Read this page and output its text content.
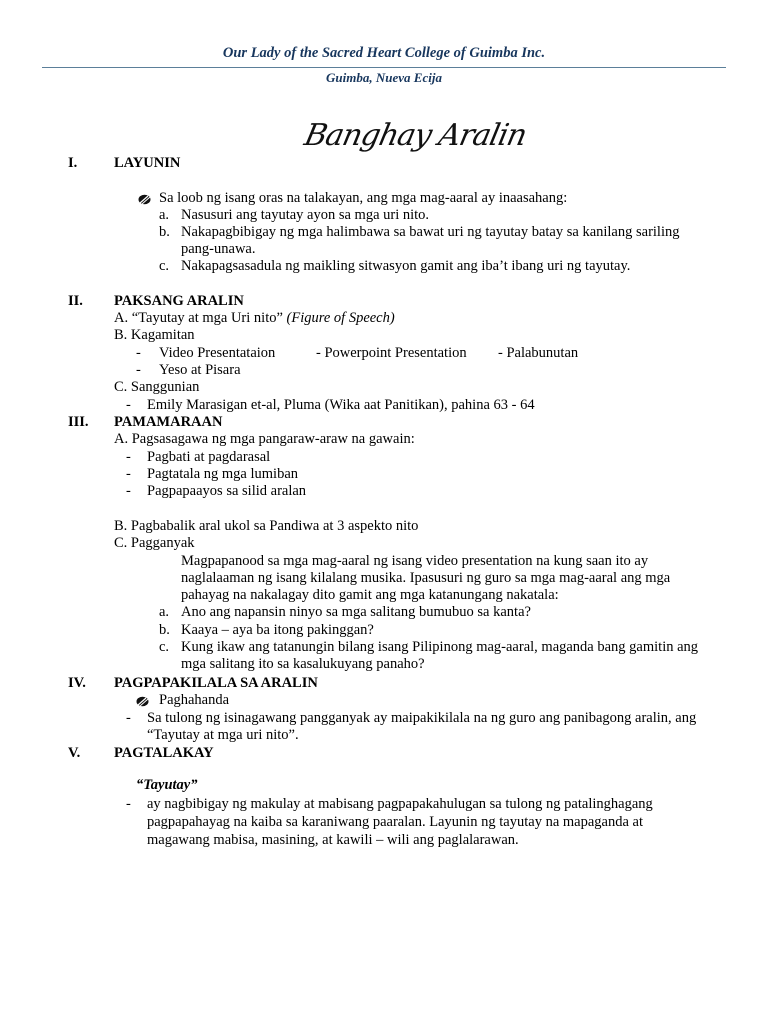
Our Lady of the Sacred Heart College of Guimba Inc.
Guimba, Nueva Ecija
Banghay Aralin
I.	LAYUNIN
Sa loob ng isang oras na talakayan, ang mga mag-aaral ay inaasahang:
a. Nasusuri ang tayutay ayon sa mga uri nito.
b. Nakapagbibigay ng mga halimbawa sa bawat uri ng tayutay batay sa kanilang sariling
pang-unawa.
c. Nakapagsasadula ng maikling sitwasyon gamit ang iba’t ibang uri ng tayutay.
II. PAKSANG ARALIN
A. “Tayutay at mga Uri nito” (Figure of Speech)
B. Kagamitan
- Video Presentataion	- Powerpoint Presentation - Palabunutan
- Yeso at Pisara
C. Sanggunian
- Emily Marasigan et-al, Pluma (Wika aat Panitikan), pahina 63 - 64
III. PAMAMARAAN
A. Pagsasagawa ng mga pangaraw-araw na gawain:
- Pagbati at pagdarasal
- Pagtatala ng mga lumiban
- Pagpapaayos sa silid aralan
B. Pagbabalik aral ukol sa Pandiwa at 3 aspekto nito
C. Pagganyak
Magpapanood sa mga mag-aaral ng isang video presentation na kung saan ito ay
naglalaaman ng isang kilalang musika. Ipasusuri ng guro sa mga mag-aaral ang mga
pahayag na nakalagay dito gamit ang mga katanungang nakatala:
a. Ano ang napansin ninyo sa mga salitang bumubuo sa kanta?
b. Kaaya – aya ba itong pakinggan?
c. Kung ikaw ang tatanungin bilang isang Pilipinong mag-aaral, maganda bang gamitin ang
mga salitang ito sa kasalukuyang panaho?
IV. PAGPAPAKILALA SA ARALIN
Paghahanda
- Sa tulong ng isinagawang pangganyak ay maipakikilala na ng guro ang panibagong aralin, ang
“Tayutay at mga uri nito”.
V. PAGTALAKAY
“Tayutay”
- ay nagbibigay ng makulay at mabisang pagpapakahulugan sa tulong ng patalinghagang
pagpapahayag na kaiba sa karaniwang paaralan. Layunin ng tayutay na mapaganda at
magawang mabisa, masining, at kawili – wili ang paglalarawan.
